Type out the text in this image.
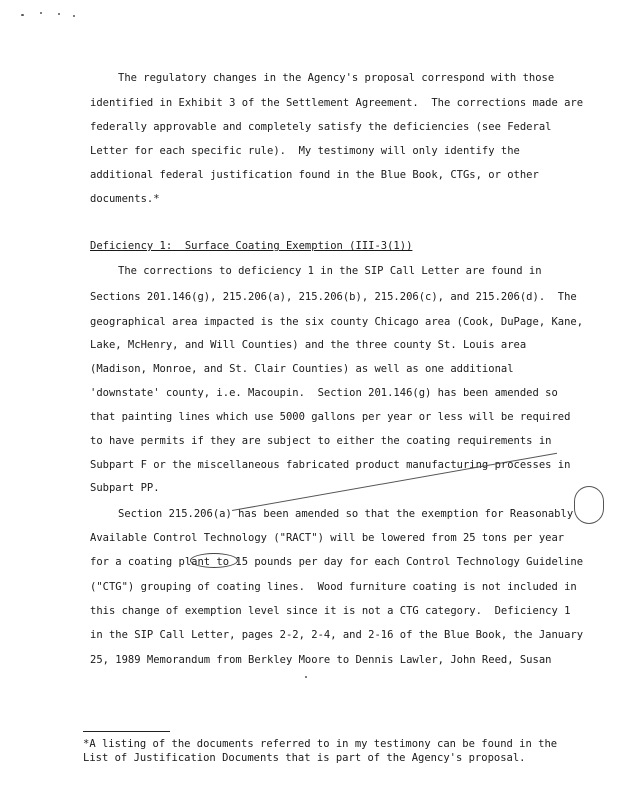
The regulatory changes in the Agency's proposal correspond with those
identified in Exhibit 3 of the Settlement Agreement.  The corrections made are
federally approvable and completely satisfy the deficiencies (see Federal
Letter for each specific rule).  My testimony will only identify the
additional federal justification found in the Blue Book, CTGs, or other
documents.*
Deficiency 1:  Surface Coating Exemption (III-3(1))
The corrections to deficiency 1 in the SIP Call Letter are found in
Sections 201.146(g), 215.206(a), 215.206(b), 215.206(c), and 215.206(d).  The
geographical area impacted is the six county Chicago area (Cook, DuPage, Kane,
Lake, McHenry, and Will Counties) and the three county St. Louis area
(Madison, Monroe, and St. Clair Counties) as well as one additional
'downstate' county, i.e. Macoupin.  Section 201.146(g) has been amended so
that painting lines which use 5000 gallons per year or less will be required
to have permits if they are subject to either the coating requirements in
Subpart F or the miscellaneous fabricated product manufacturing processes in
Subpart PP.
Section 215.206(a) has been amended so that the exemption for Reasonably
Available Control Technology ("RACT") will be lowered from 25 tons per year
for a coating plant to 15 pounds per day for each Control Technology Guideline
("CTG") grouping of coating lines.  Wood furniture coating is not included in
this change of exemption level since it is not a CTG category.  Deficiency 1
in the SIP Call Letter, pages 2-2, 2-4, and 2-16 of the Blue Book, the January
25, 1989 Memorandum from Berkley Moore to Dennis Lawler, John Reed, Susan
*A listing of the documents referred to in my testimony can be found in the
List of Justification Documents that is part of the Agency's proposal.
